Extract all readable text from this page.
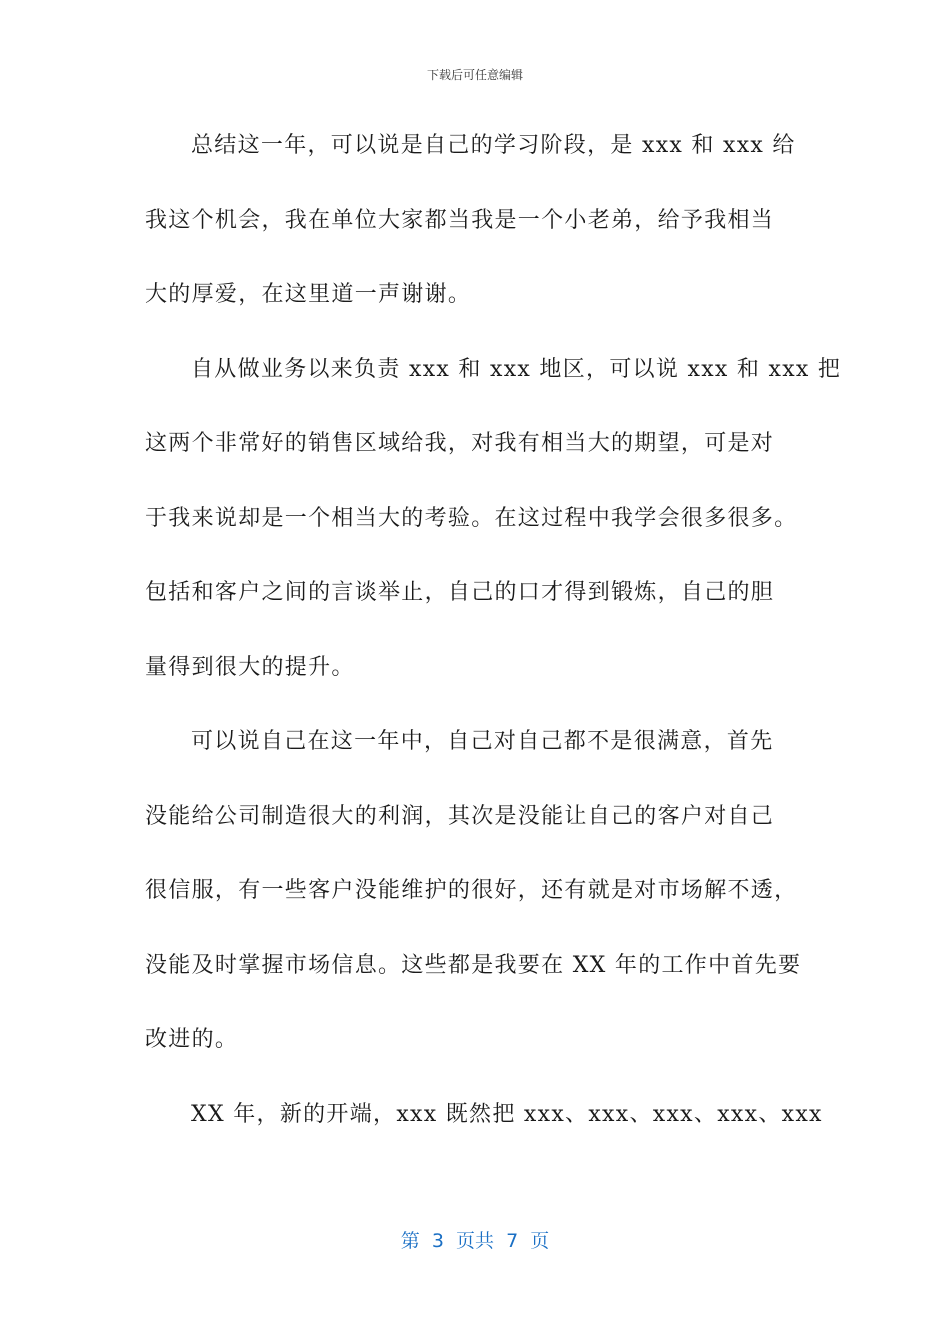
下载后可任意编辑
总结这一年，可以说是自己的学习阶段，是 xxx 和 xxx 给
我这个机会，我在单位大家都当我是一个小老弟，给予我相当
大的厚爱，在这里道一声谢谢。
自从做业务以来负责 xxx 和 xxx 地区，可以说 xxx 和 xxx 把
这两个非常好的销售区域给我，对我有相当大的期望，可是对
于我来说却是一个相当大的考验。在这过程中我学会很多很多。
包括和客户之间的言谈举止，自己的口才得到锻炼，自己的胆
量得到很大的提升。
可以说自己在这一年中，自己对自己都不是很满意，首先
没能给公司制造很大的利润，其次是没能让自己的客户对自己
很信服，有一些客户没能维护的很好，还有就是对市场解不透，
没能及时掌握市场信息。这些都是我要在 XX 年的工作中首先要
改进的。
XX 年，新的开端，xxx 既然把 xxx、xxx、xxx、xxx、xxx
第  3  页共  7  页
